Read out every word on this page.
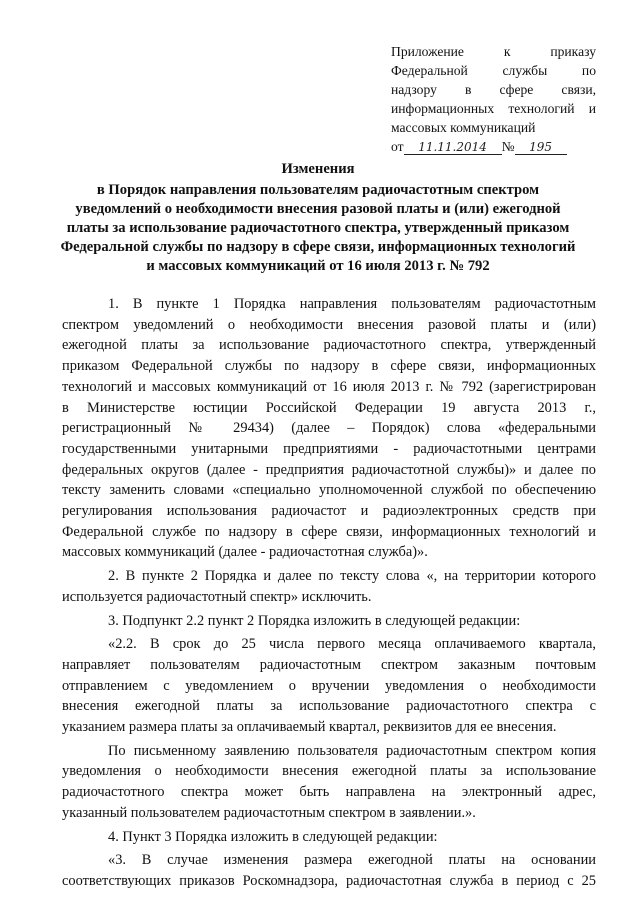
Приложение к приказу
Федеральной службы по
надзору в сфере связи,
информационных технологий и
массовых коммуникаций
от	11.11.2014	№	195
Изменения
в Порядок направления пользователям радиочастотным спектром
уведомлений о необходимости внесения разовой платы и (или) ежегодной
платы за использование радиочастотного спектра, утвержденный приказом
Федеральной службы по надзору в сфере связи, информационных технологий
и массовых коммуникаций от 16 июля 2013 г. № 792
1. В пункте 1 Порядка направления пользователям радиочастотным
спектром уведомлений о необходимости внесения разовой платы и (или)
ежегодной платы за использование радиочастотного спектра, утвержденный
приказом Федеральной службы по надзору в сфере связи, информационных
технологий и массовых коммуникаций от 16 июля 2013 г. № 792 (зарегистрирован
в Министерстве юстиции Российской Федерации 19 августа 2013 г.,
регистрационный № 29434) (далее – Порядок) слова «федеральными
государственными унитарными предприятиями - радиочастотными центрами
федеральных округов (далее - предприятия радиочастотной службы)» и далее по
тексту заменить словами «специально уполномоченной службой по обеспечению
регулирования использования радиочастот и радиоэлектронных средств при
Федеральной службе по надзору в сфере связи, информационных технологий и
массовых коммуникаций (далее - радиочастотная служба)».
2. В пункте 2 Порядка и далее по тексту слова «, на территории которого
используется радиочастотный спектр» исключить.
3. Подпункт 2.2 пункт 2 Порядка изложить в следующей редакции:
«2.2. В срок до 25 числа первого месяца оплачиваемого квартала,
направляет пользователям радиочастотным спектром заказным почтовым
отправлением с уведомлением о вручении уведомления о необходимости
внесения ежегодной платы за использование радиочастотного спектра с
указанием размера платы за оплачиваемый квартал, реквизитов для ее внесения.
По письменному заявлению пользователя радиочастотным спектром копия
уведомления о необходимости внесения ежегодной платы за использование
радиочастотного спектра может быть направлена на электронный адрес,
указанный пользователем радиочастотным спектром в заявлении.».
4. Пункт 3 Порядка изложить в следующей редакции:
«3. В случае изменения размера ежегодной платы на основании
соответствующих приказов Роскомнадзора, радиочастотная служба в период с 25
